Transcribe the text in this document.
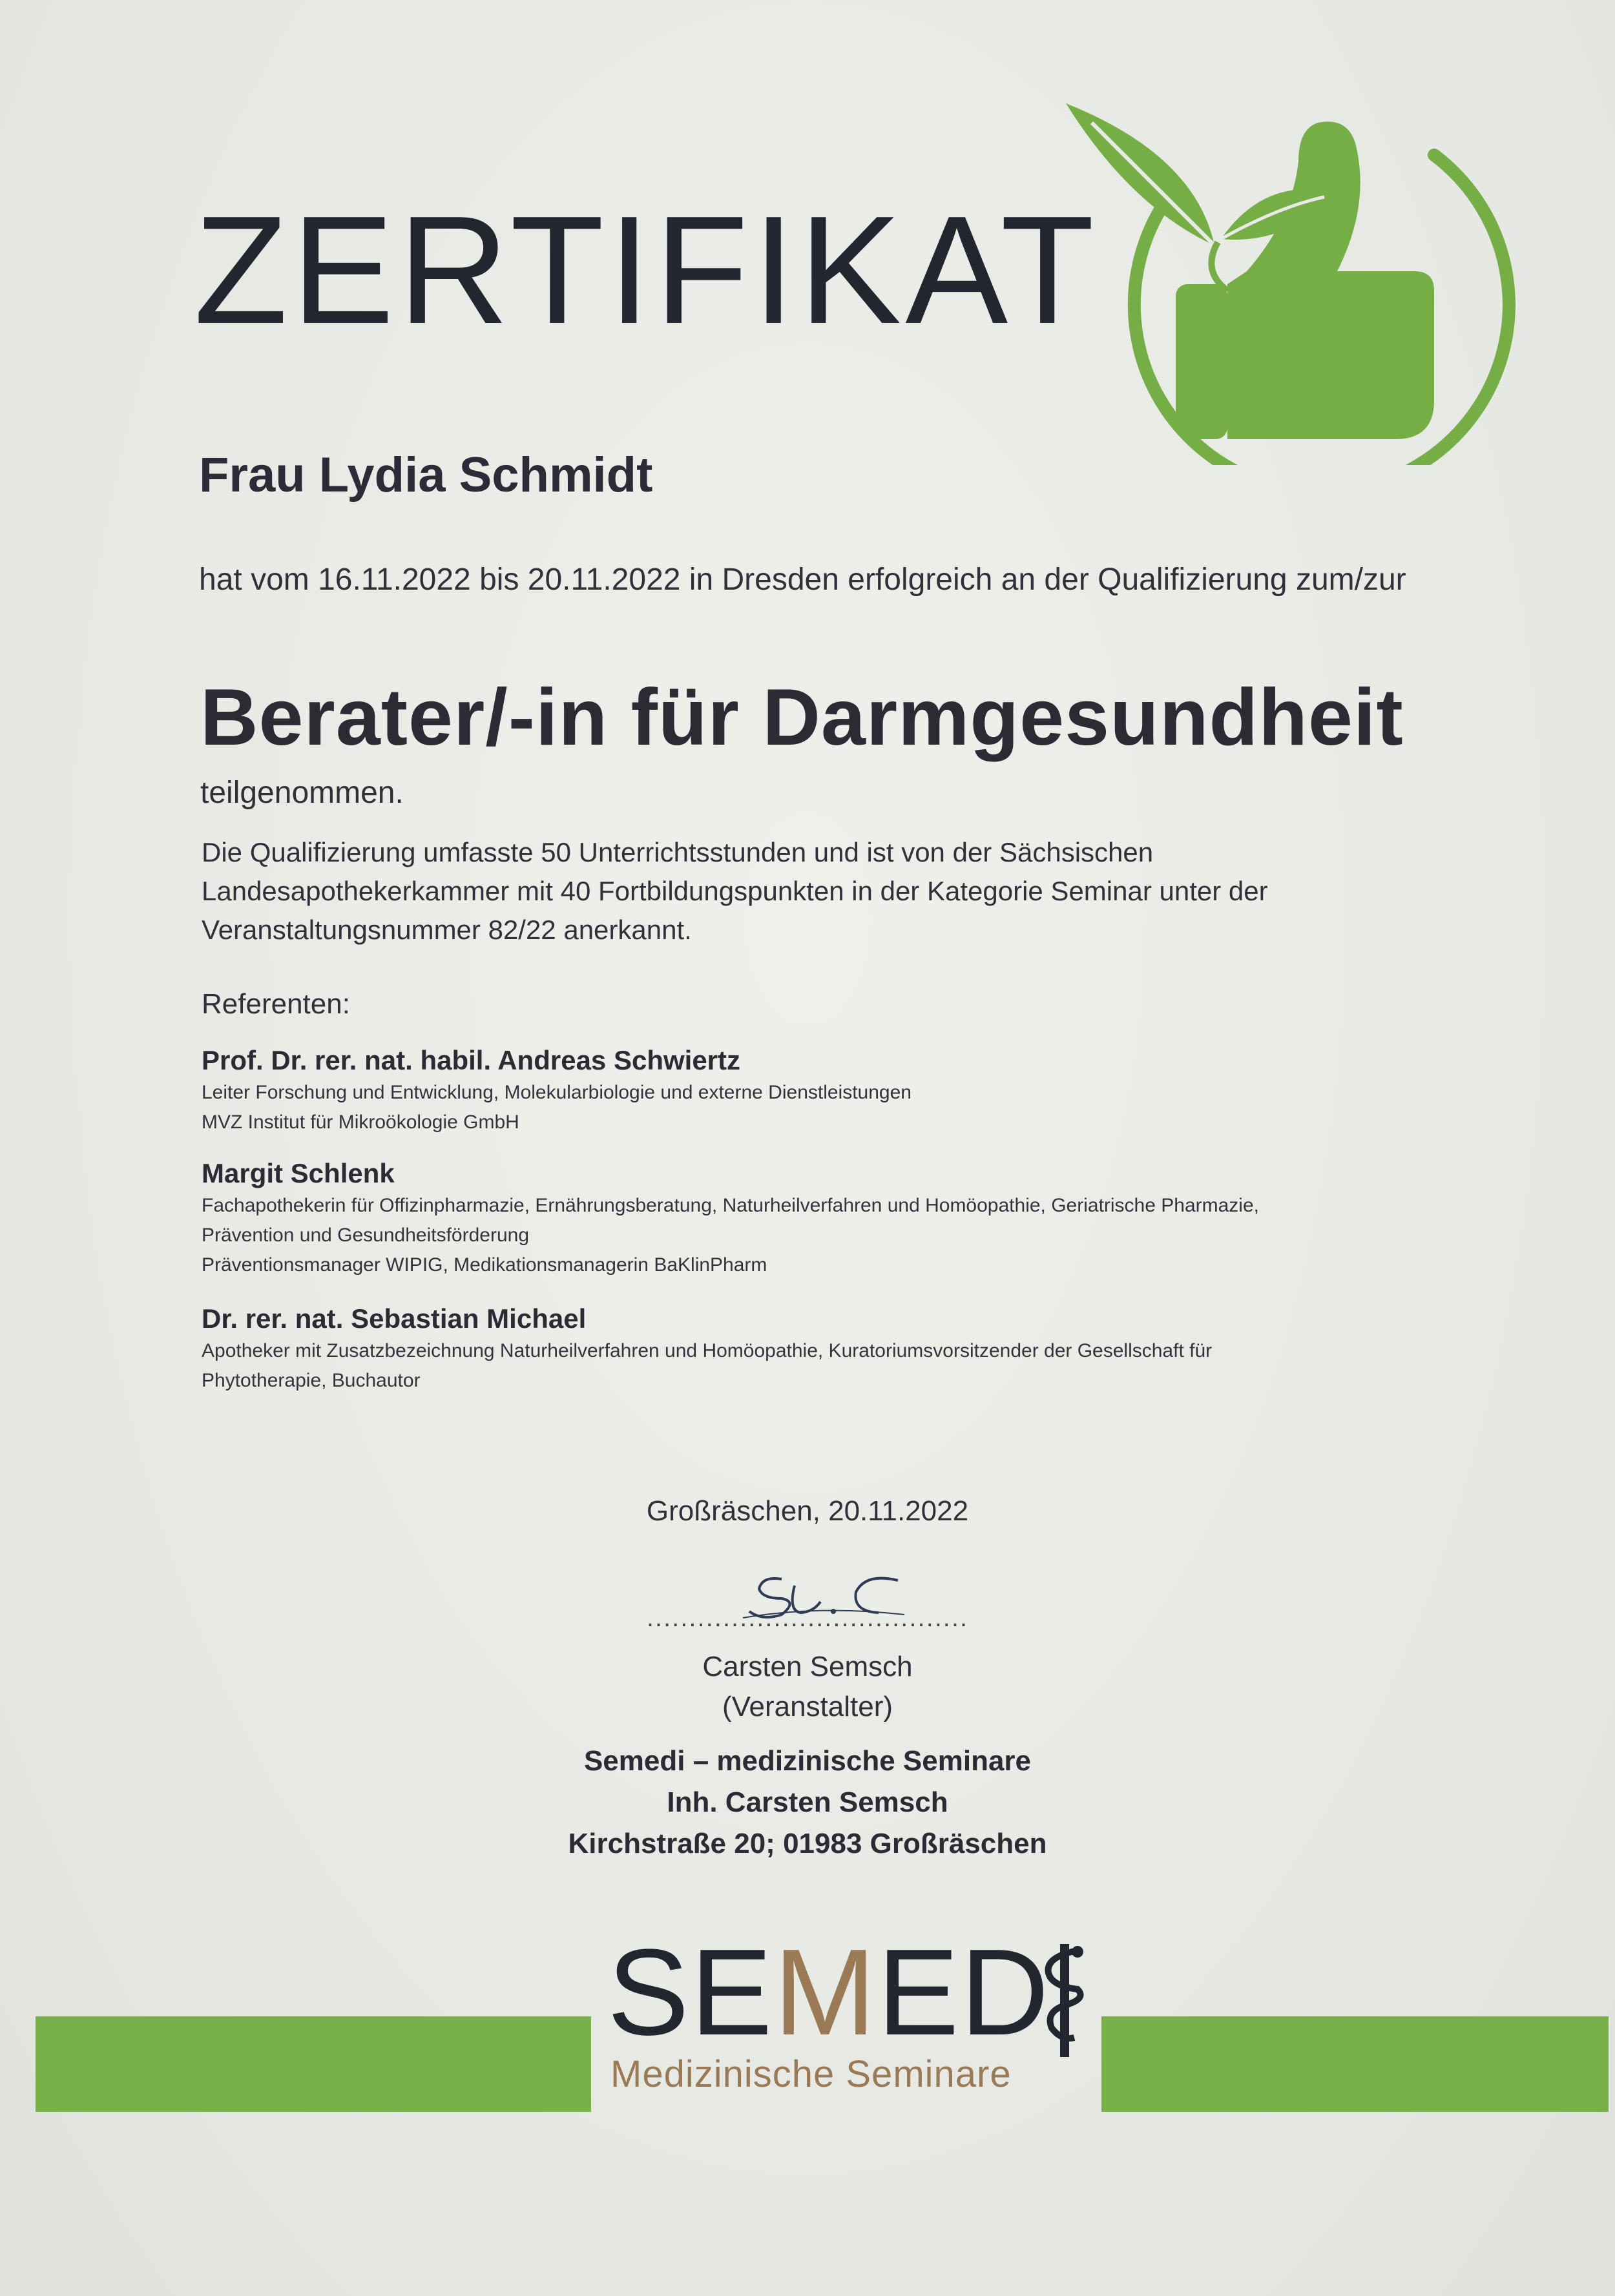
ZERTIFIKAT
Frau Lydia Schmidt
hat vom 16.11.2022 bis 20.11.2022 in Dresden erfolgreich an der Qualifizierung zum/zur
Berater/-in für Darmgesundheit
teilgenommen.
Die Qualifizierung umfasste 50 Unterrichtsstunden und ist von der Sächsischen
Landesapothekerkammer mit 40 Fortbildungspunkten in der Kategorie Seminar unter der
Veranstaltungsnummer 82/22 anerkannt.
Referenten:
Prof. Dr. rer. nat. habil. Andreas Schwiertz
Leiter Forschung und Entwicklung, Molekularbiologie und externe Dienstleistungen
MVZ Institut für Mikroökologie GmbH
Margit Schlenk
Fachapothekerin für Offizinpharmazie, Ernährungsberatung, Naturheilverfahren und Homöopathie, Geriatrische Pharmazie,
Prävention und Gesundheitsförderung
Präventionsmanager WIPIG, Medikationsmanagerin BaKlinPharm
Dr. rer. nat. Sebastian Michael
Apotheker mit Zusatzbezeichnung Naturheilverfahren und Homöopathie, Kuratoriumsvorsitzender der Gesellschaft für
Phytotherapie, Buchautor
Großräschen, 20.11.2022
......................................
Carsten Semsch
(Veranstalter)
Semedi – medizinische Seminare
Inh. Carsten Semsch
Kirchstraße 20; 01983 Großräschen
SEMED
Medizinische Seminare
